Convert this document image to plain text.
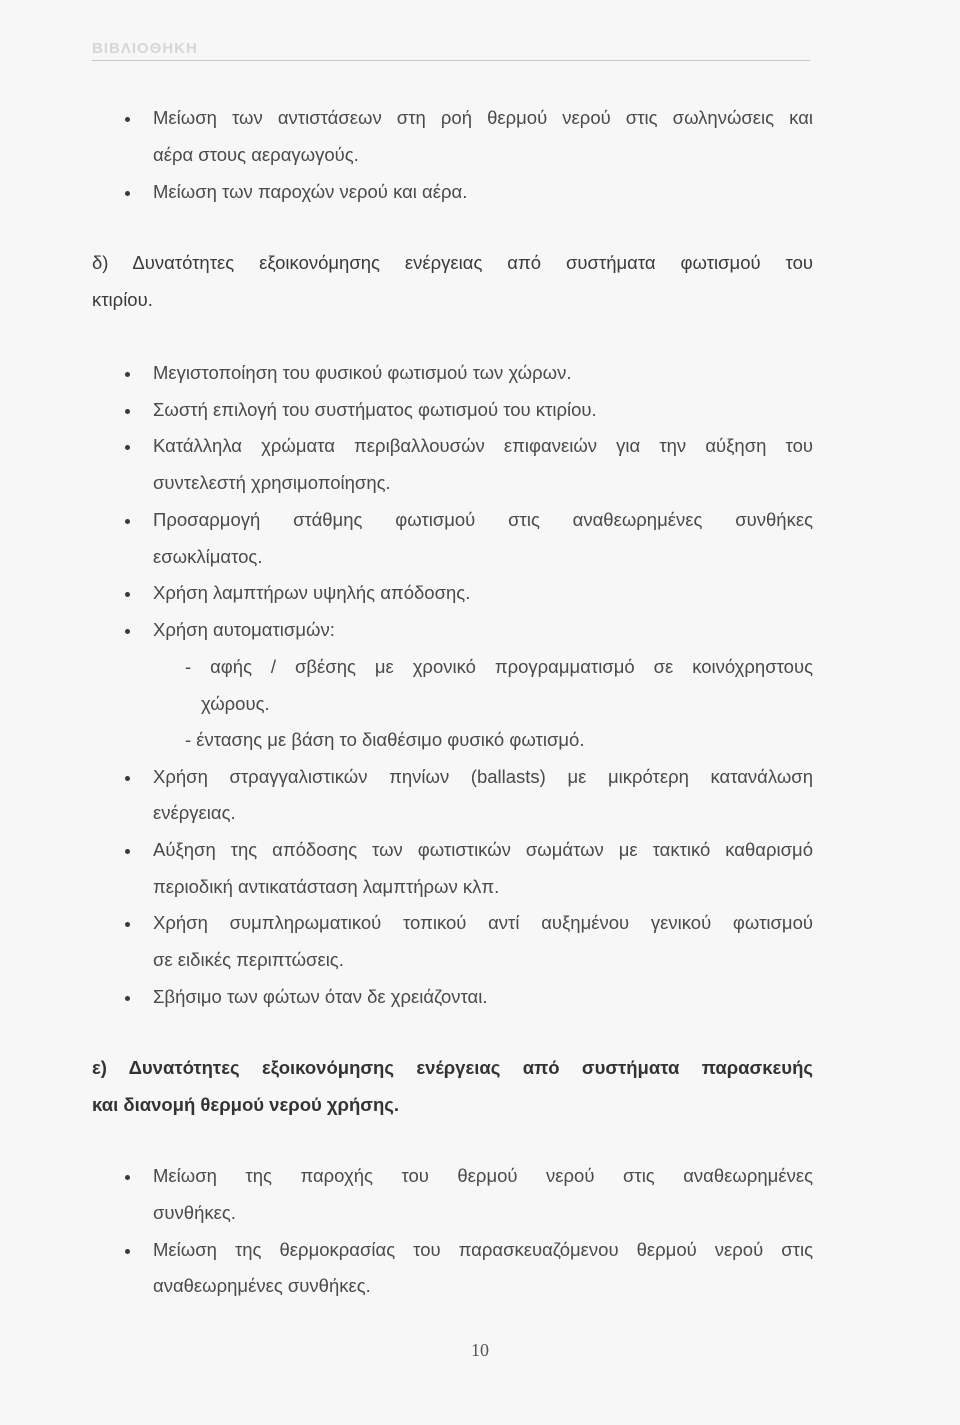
ΒΙΒΛΙΟΘΗΚΗ
Μείωση των αντιστάσεων στη ροή θερμού νερού στις σωληνώσεις και
αέρα στους αεραγωγούς.
Μείωση των παροχών νερού και αέρα.
δ) Δυνατότητες εξοικονόμησης ενέργειας από συστήματα φωτισμού του
κτιρίου.
Μεγιστοποίηση του φυσικού φωτισμού των χώρων.
Σωστή επιλογή του συστήματος φωτισμού του κτιρίου.
Κατάλληλα χρώματα περιβαλλουσών επιφανειών για την αύξηση του
συντελεστή χρησιμοποίησης.
Προσαρμογή στάθμης φωτισμού στις αναθεωρημένες συνθήκες
εσωκλίματος.
Χρήση λαμπτήρων υψηλής απόδοσης.
Χρήση αυτοματισμών:
- αφής / σβέσης με χρονικό προγραμματισμό σε κοινόχρηστους
χώρους.
- έντασης με βάση το διαθέσιμο φυσικό φωτισμό.
Χρήση στραγγαλιστικών πηνίων (ballasts) με μικρότερη κατανάλωση
ενέργειας.
Αύξηση της απόδοσης των φωτιστικών σωμάτων με τακτικό καθαρισμό
περιοδική αντικατάσταση λαμπτήρων κλπ.
Χρήση συμπληρωματικού τοπικού αντί αυξημένου γενικού φωτισμού
σε ειδικές περιπτώσεις.
Σβήσιμο των φώτων όταν δε χρειάζονται.
ε) Δυνατότητες εξοικονόμησης ενέργειας από συστήματα παρασκευής
και διανομή θερμού νερού χρήσης.
Μείωση της παροχής του θερμού νερού στις αναθεωρημένες
συνθήκες.
Μείωση της θερμοκρασίας του παρασκευαζόμενου θερμού νερού στις
αναθεωρημένες συνθήκες.
10
